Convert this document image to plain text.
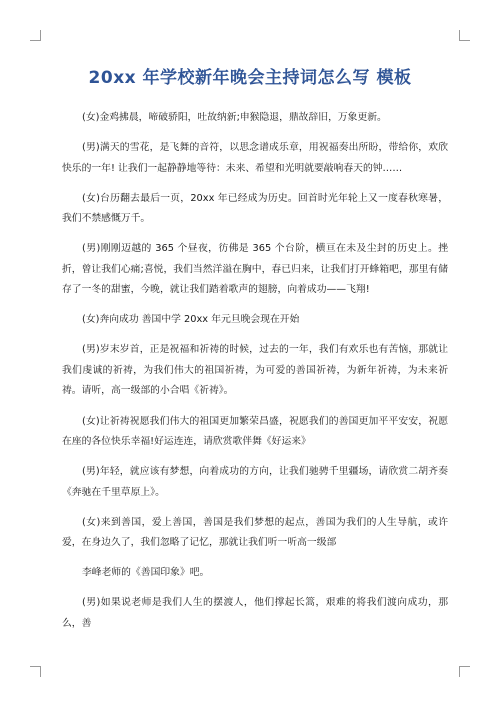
20xx 年学校新年晚会主持词怎么写 模板

(女)金鸡拂晨，啼破骄阳，吐故纳新;申猴隐退，鼎故辞旧，万象更新。

(男)满天的雪花，是飞舞的音符，以思念谱成乐章，用祝福奏出所盼，带给你，欢欣快乐的一年! 让我们一起静静地等待：未来、希望和光明就要敲响春天的钟……

(女)台历翻去最后一页，20xx 年已经成为历史。回首时光年轮上又一度春秋寒暑，我们不禁感慨万千。

(男)刚刚迈越的 365 个昼夜，彷佛是 365 个台阶，横亘在未及尘封的历史上。挫折，曾让我们心痛;喜悦，我们当然洋溢在胸中，春已归来，让我们打开蜂箱吧，那里有储存了一冬的甜蜜，今晚，就让我们踏着歌声的翅膀，向着成功——飞翔!

(女)奔向成功 善国中学 20xx 年元旦晚会现在开始

(男)岁末岁首，正是祝福和祈祷的时候，过去的一年，我们有欢乐也有苦恼，那就让我们虔诚的祈祷，为我们伟大的祖国祈祷，为可爱的善国祈祷，为新年祈祷，为未来祈祷。请听，高一级部的小合唱《祈祷》。

(女)让祈祷祝愿我们伟大的祖国更加繁荣昌盛，祝愿我们的善国更加平平安安，祝愿在座的各位快乐幸福!好运连连，请欣赏歌伴舞《好运来》

(男)年轻，就应该有梦想，向着成功的方向，让我们驰骋千里疆场，请欣赏二胡齐奏《奔驰在千里草原上》。

(女)来到善国，爱上善国，善国是我们梦想的起点，善国为我们的人生导航，或许爱，在身边久了，我们忽略了记忆，那就让我们听一听高一级部

李峰老师的《善国印象》吧。

(男)如果说老师是我们人生的摆渡人，他们撑起长篙，艰难的将我们渡向成功，那么，善
